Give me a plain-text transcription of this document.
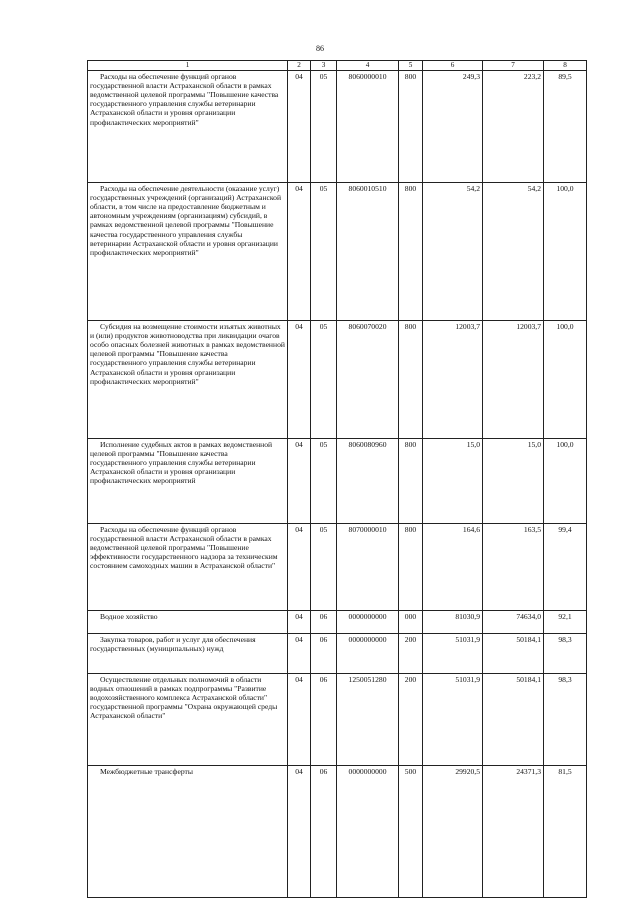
86
1	2	3	4	5	6	7	8

Расходы на обеспечение функций органов государственной власти Астраханской области в рамках ведомственной целевой программы "Повышение качества государственного управления службы ветеринарии Астраханской области и уровня организации профилактических мероприятий"	04	05	8060000010	800	249,3	223,2	89,5

Расходы на обеспечение деятельности (оказание услуг) государственных учреждений (организаций) Астраханской области, в том числе на предоставление бюджетным и автономным учреждениям (организациям) субсидий, в рамках ведомственной целевой программы "Повышение качества государственного управления службы ветеринарии Астраханской области и уровня организации профилактических мероприятий"	04	05	8060010510	800	54,2	54,2	100,0

Субсидия на возмещение стоимости изъятых животных и (или) продуктов животноводства при ликвидации очагов особо опасных болезней животных в рамках ведомственной целевой программы "Повышение качества государственного управления службы ветеринарии Астраханской области и уровня организации профилактических мероприятий"	04	05	8060070020	800	12003,7	12003,7	100,0

Исполнение судебных актов в рамках ведомственной целевой программы "Повышение качества государственного управления службы ветеринарии Астраханской области и уровня организации профилактических мероприятий	04	05	8060080960	800	15,0	15,0	100,0

Расходы на обеспечение функций органов государственной власти Астраханской области в рамках ведомственной целевой программы "Повышение эффективности государственного надзора за техническим состоянием самоходных машин в Астраханской области"	04	05	8070000010	800	164,6	163,5	99,4

Водное хозяйство	04	06	0000000000	000	81030,9	74634,0	92,1

Закупка товаров, работ и услуг для обеспечения государственных (муниципальных) нужд	04	06	0000000000	200	51031,9	50184,1	98,3

Осуществление отдельных полномочий в области водных отношений в рамках подпрограммы "Развитие водохозяйственного комплекса Астраханской области" государственной программы "Охрана окружающей среды Астраханской области"	04	06	1250051280	200	51031,9	50184,1	98,3

Межбюджетные трансферты	04	06	0000000000	500	29920,5	24371,3	81,5
